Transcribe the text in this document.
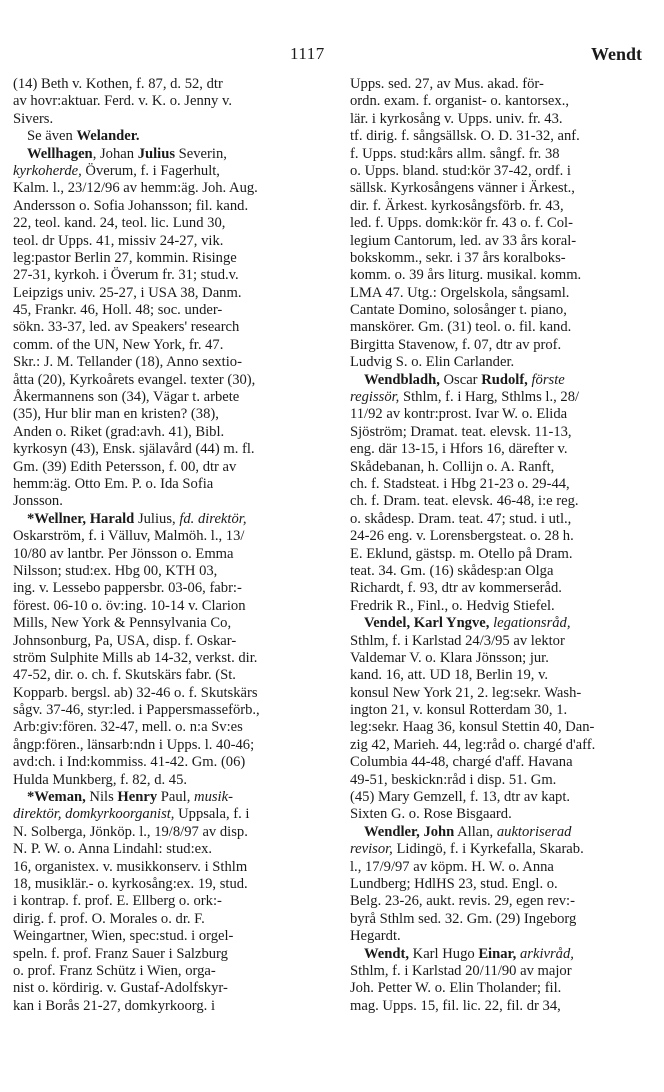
1117	Wendt
(14) Beth v. Kothen, f. 87, d. 52, dtr
av hovr:aktuar. Ferd. v. K. o. Jenny v.
Sivers.
Se även Welander.
Wellhagen, Johan Julius Severin,
kyrkoherde, Överum, f. i Fagerhult,
Kalm. l., 23/12/96 av hemm:äg. Joh. Aug.
Andersson o. Sofia Johansson; fil. kand.
22, teol. kand. 24, teol. lic. Lund 30,
teol. dr Upps. 41, missiv 24-27, vik.
leg:pastor Berlin 27, kommin. Risinge
27-31, kyrkoh. i Överum fr. 31; stud.v.
Leipzigs univ. 25-27, i USA 38, Danm.
45, Frankr. 46, Holl. 48; soc. under-
sökn. 33-37, led. av Speakers' research
comm. of the UN, New York, fr. 47.
Skr.: J. M. Tellander (18), Anno sextio-
åtta (20), Kyrkoårets evangel. texter (30),
Åkermannens son (34), Vägar t. arbete
(35), Hur blir man en kristen? (38),
Anden o. Riket (grad:avh. 41), Bibl.
kyrkosyn (43), Ensk. själavård (44) m. fl.
Gm. (39) Edith Petersson, f. 00, dtr av
hemm:äg. Otto Em. P. o. Ida Sofia
Jonsson.
*Wellner, Harald Julius, fd. direktör,
Oskarström, f. i Välluv, Malmöh. l., 13/
10/80 av lantbr. Per Jönsson o. Emma
Nilsson; stud:ex. Hbg 00, KTH 03,
ing. v. Lessebo pappersbr. 03-06, fabr:-
förest. 06-10 o. öv:ing. 10-14 v. Clarion
Mills, New York & Pennsylvania Co,
Johnsonburg, Pa, USA, disp. f. Oskar-
ström Sulphite Mills ab 14-32, verkst. dir.
47-52, dir. o. ch. f. Skutskärs fabr. (St.
Kopparb. bergsl. ab) 32-46 o. f. Skutskärs
sågv. 37-46, styr:led. i Pappersmasseförb.,
Arb:giv:fören. 32-47, mell. o. n:a Sv:es
ångp:fören., länsarb:ndn i Upps. l. 40-46;
avd:ch. i Ind:kommiss. 41-42. Gm. (06)
Hulda Munkberg, f. 82, d. 45.
*Weman, Nils Henry Paul, musik-
direktör, domkyrkoorganist, Uppsala, f. i
N. Solberga, Jönköp. l., 19/8/97 av disp.
N. P. W. o. Anna Lindahl: stud:ex.
16, organistex. v. musikkonserv. i Sthlm
18, musiklär.- o. kyrkosång:ex. 19, stud.
i kontrap. f. prof. E. Ellberg o. ork:-
dirig. f. prof. O. Morales o. dr. F.
Weingartner, Wien, spec:stud. i orgel-
speln. f. prof. Franz Sauer i Salzburg
o. prof. Franz Schütz i Wien, orga-
nist o. kördirig. v. Gustaf-Adolfskyr-
kan i Borås 21-27, domkyrkoorg. i
Upps. sed. 27, av Mus. akad. för-
ordn. exam. f. organist- o. kantorsex.,
lär. i kyrkosång v. Upps. univ. fr. 43.
tf. dirig. f. sångsällsk. O. D. 31-32, anf.
f. Upps. stud:kårs allm. sångf. fr. 38
o. Upps. bland. stud:kör 37-42, ordf. i
sällsk. Kyrkosångens vänner i Ärkest.,
dir. f. Ärkest. kyrkosångsförb. fr. 43,
led. f. Upps. domk:kör fr. 43 o. f. Col-
legium Cantorum, led. av 33 års koral-
bokskomm., sekr. i 37 års koralboks-
komm. o. 39 års liturg. musikal. komm.
LMA 47. Utg.: Orgelskola, sångsaml.
Cantate Domino, solosånger t. piano,
manskörer. Gm. (31) teol. o. fil. kand.
Birgitta Stavenow, f. 07, dtr av prof.
Ludvig S. o. Elin Carlander.
Wendbladh, Oscar Rudolf, förste
regissör, Sthlm, f. i Harg, Sthlms l., 28/
11/92 av kontr:prost. Ivar W. o. Elida
Sjöström; Dramat. teat. elevsk. 11-13,
eng. där 13-15, i Hfors 16, därefter v.
Skådebanan, h. Collijn o. A. Ranft,
ch. f. Stadsteat. i Hbg 21-23 o. 29-44,
ch. f. Dram. teat. elevsk. 46-48, i:e reg.
o. skådesp. Dram. teat. 47; stud. i utl.,
24-26 eng. v. Lorensbergsteat. o. 28 h.
E. Eklund, gästsp. m. Otello på Dram.
teat. 34. Gm. (16) skådesp:an Olga
Richardt, f. 93, dtr av kommerseråd.
Fredrik R., Finl., o. Hedvig Stiefel.
Vendel, Karl Yngve, legationsråd,
Sthlm, f. i Karlstad 24/3/95 av lektor
Valdemar V. o. Klara Jönsson; jur.
kand. 16, att. UD 18, Berlin 19, v.
konsul New York 21, 2. leg:sekr. Wash-
ington 21, v. konsul Rotterdam 30, 1.
leg:sekr. Haag 36, konsul Stettin 40, Dan-
zig 42, Marieh. 44, leg:råd o. chargé d'aff.
Columbia 44-48, chargé d'aff. Havana
49-51, beskickn:råd i disp. 51. Gm.
(45) Mary Gemzell, f. 13, dtr av kapt.
Sixten G. o. Rose Bisgaard.
Wendler, John Allan, auktoriserad
revisor, Lidingö, f. i Kyrkefalla, Skarab.
l., 17/9/97 av köpm. H. W. o. Anna
Lundberg; HdlHS 23, stud. Engl. o.
Belg. 23-26, aukt. revis. 29, egen rev:-
byrå Sthlm sed. 32. Gm. (29) Ingeborg
Hegardt.
Wendt, Karl Hugo Einar, arkivråd,
Sthlm, f. i Karlstad 20/11/90 av major
Joh. Petter W. o. Elin Tholander; fil.
mag. Upps. 15, fil. lic. 22, fil. dr 34,
